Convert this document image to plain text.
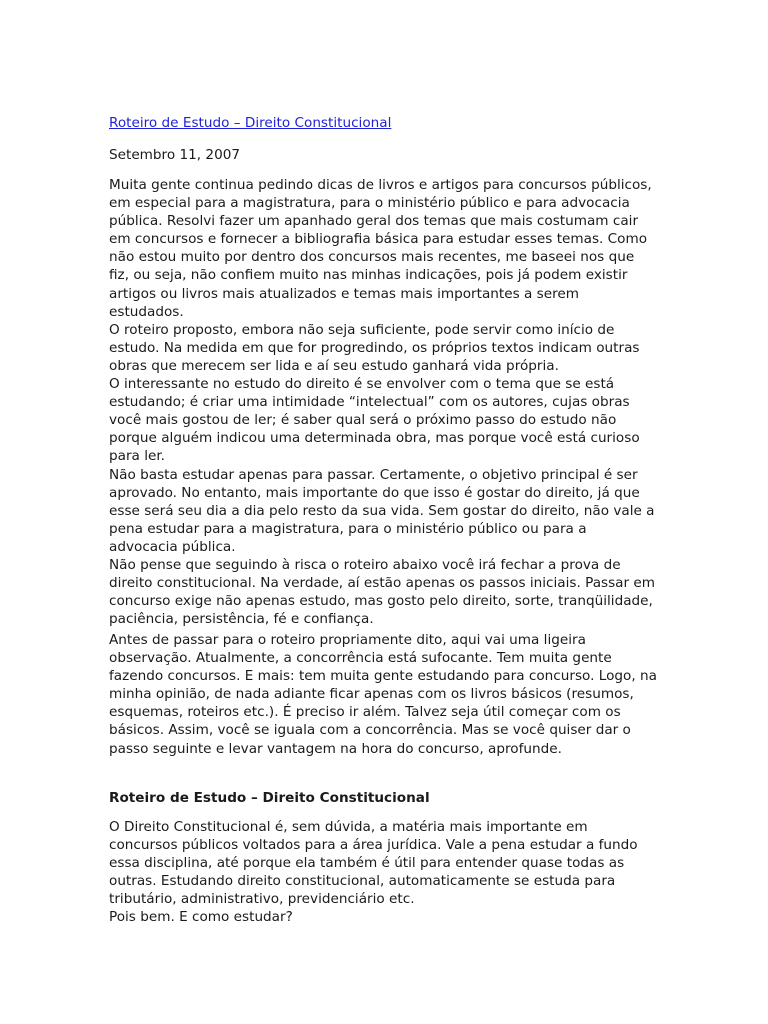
Roteiro de Estudo – Direito Constitucional

Setembro 11, 2007

Muita gente continua pedindo dicas de livros e artigos para concursos públicos, em especial para a magistratura, para o ministério público e para advocacia pública. Resolvi fazer um apanhado geral dos temas que mais costumam cair em concursos e fornecer a bibliografia básica para estudar esses temas. Como não estou muito por dentro dos concursos mais recentes, me baseei nos que fiz, ou seja, não confiem muito nas minhas indicações, pois já podem existir artigos ou livros mais atualizados e temas mais importantes a serem estudados.

O roteiro proposto, embora não seja suficiente, pode servir como início de estudo. Na medida em que for progredindo, os próprios textos indicam outras obras que merecem ser lida e aí seu estudo ganhará vida própria.

O interessante no estudo do direito é se envolver com o tema que se está estudando; é criar uma intimidade “intelectual” com os autores, cujas obras você mais gostou de ler; é saber qual será o próximo passo do estudo não porque alguém indicou uma determinada obra, mas porque você está curioso para ler.

Não basta estudar apenas para passar. Certamente, o objetivo principal é ser aprovado. No entanto, mais importante do que isso é gostar do direito, já que esse será seu dia a dia pelo resto da sua vida. Sem gostar do direito, não vale a pena estudar para a magistratura, para o ministério público ou para a advocacia pública.

Não pense que seguindo à risca o roteiro abaixo você irá fechar a prova de direito constitucional. Na verdade, aí estão apenas os passos iniciais. Passar em concurso exige não apenas estudo, mas gosto pelo direito, sorte, tranqüilidade, paciência, persistência, fé e confiança.

Antes de passar para o roteiro propriamente dito, aqui vai uma ligeira observação. Atualmente, a concorrência está sufocante. Tem muita gente fazendo concursos. E mais: tem muita gente estudando para concurso. Logo, na minha opinião, de nada adiante ficar apenas com os livros básicos (resumos, esquemas, roteiros etc.). É preciso ir além. Talvez seja útil começar com os básicos. Assim, você se iguala com a concorrência. Mas se você quiser dar o passo seguinte e levar vantagem na hora do concurso, aprofunde.

Roteiro de Estudo – Direito Constitucional

O Direito Constitucional é, sem dúvida, a matéria mais importante em concursos públicos voltados para a área jurídica. Vale a pena estudar a fundo essa disciplina, até porque ela também é útil para entender quase todas as outras. Estudando direito constitucional, automaticamente se estuda para tributário, administrativo, previdenciário etc.

Pois bem. E como estudar?
